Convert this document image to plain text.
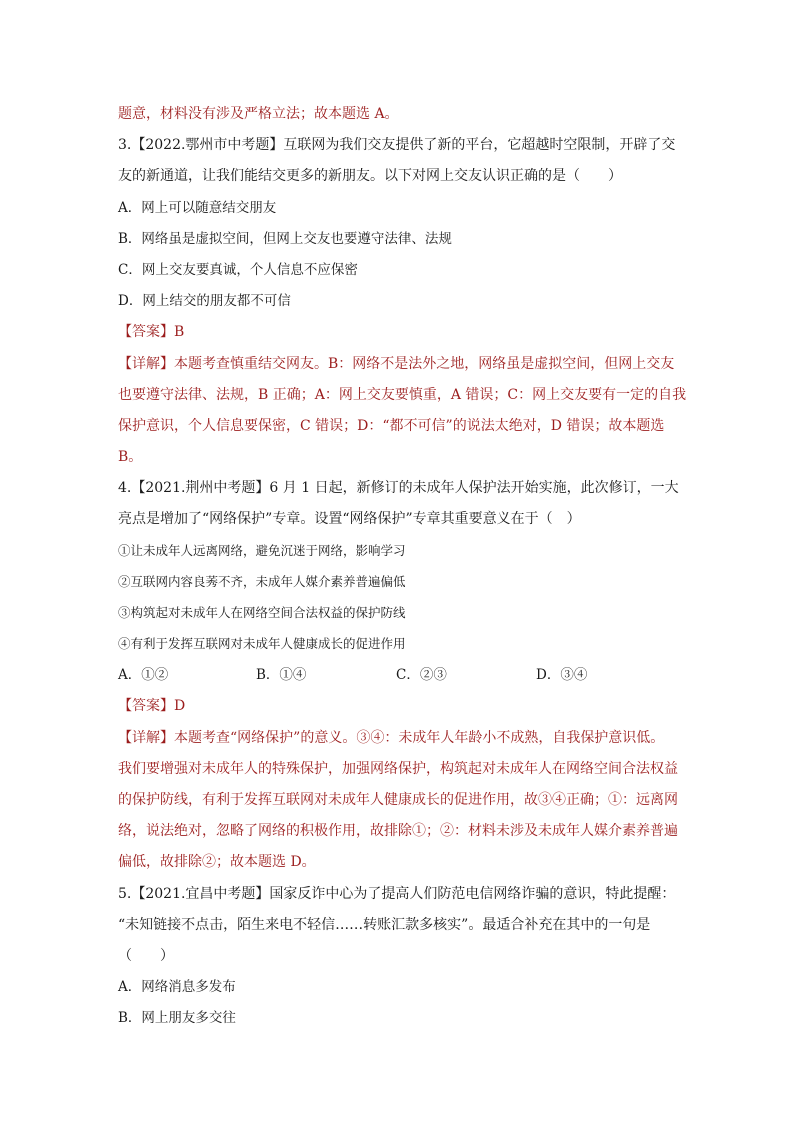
题意，材料没有涉及严格立法；故本题选 A。
3.【2022.鄂州市中考题】互联网为我们交友提供了新的平台，它超越时空限制，开辟了交
友的新通道，让我们能结交更多的新朋友。以下对网上交友认识正确的是（　　）
A．网上可以随意结交朋友
B．网络虽是虚拟空间，但网上交友也要遵守法律、法规
C．网上交友要真诚，个人信息不应保密
D．网上结交的朋友都不可信
【答案】B
【详解】本题考查慎重结交网友。B：网络不是法外之地，网络虽是虚拟空间，但网上交友
也要遵守法律、法规，B 正确；A：网上交友要慎重，A 错误；C：网上交友要有一定的自我
保护意识，个人信息要保密，C 错误；D：“都不可信”的说法太绝对，D 错误；故本题选
B。
4.【2021.荆州中考题】6 月 1 日起，新修订的未成年人保护法开始实施，此次修订，一大
亮点是增加了“网络保护”专章。设置“网络保护”专章其重要意义在于（　）
①让未成年人远离网络，避免沉迷于网络，影响学习
②互联网内容良莠不齐，未成年人媒介素养普遍偏低
③构筑起对未成年人在网络空间合法权益的保护防线
④有利于发挥互联网对未成年人健康成长的促进作用
A．①②	B．①④	C．②③	D．③④
【答案】D
【详解】本题考查“网络保护”的意义。③④：未成年人年龄小不成熟，自我保护意识低。
我们要增强对未成年人的特殊保护，加强网络保护，构筑起对未成年人在网络空间合法权益
的保护防线，有利于发挥互联网对未成年人健康成长的促进作用，故③④正确；①：远离网
络，说法绝对，忽略了网络的积极作用，故排除①；②：材料未涉及未成年人媒介素养普遍
偏低，故排除②；故本题选 D。
5.【2021.宜昌中考题】国家反诈中心为了提高人们防范电信网络诈骗的意识，特此提醒：
“未知链接不点击，陌生来电不轻信……转账汇款多核实”。最适合补充在其中的一句是
（　　）
A．网络消息多发布
B．网上朋友多交往
